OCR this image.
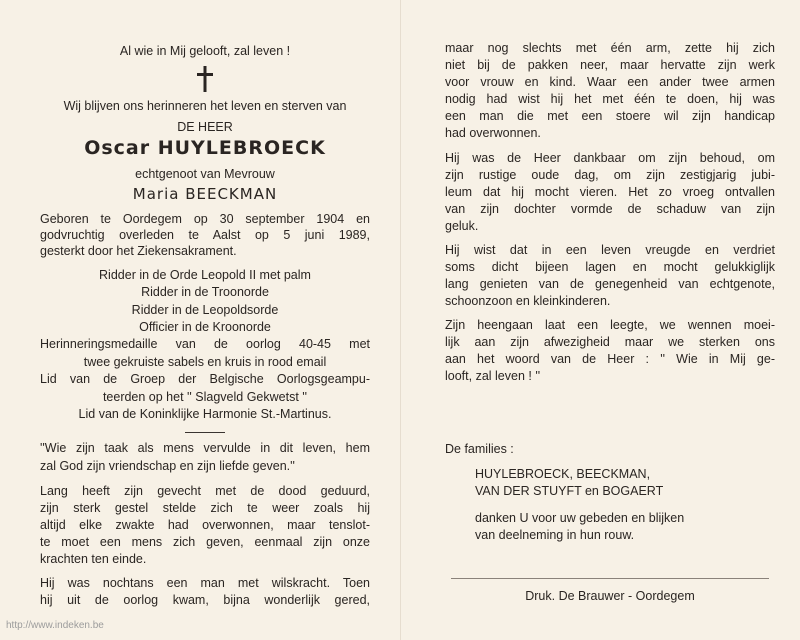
Al wie in Mij gelooft, zal leven !
Wij blijven ons herinneren het leven en sterven van
DE HEER
Oscar HUYLEBROECK
echtgenoot van Mevrouw
Maria BEECKMAN
Geboren te Oordegem op 30 september 1904 en
godvruchtig overleden te Aalst op 5 juni 1989,
gesterkt door het Ziekensakrament.
Ridder in de Orde Leopold II met palm
Ridder in de Troonorde
Ridder in de Leopoldsorde
Officier in de Kroonorde
Herinneringsmedaille van de oorlog 40-45 met
twee gekruiste sabels en kruis in rood email
Lid van de Groep der Belgische Oorlogsgeampu-
teerden op het '' Slagveld Gekwetst ''
Lid van de Koninklijke Harmonie St.-Martinus.
''Wie zijn taak als mens vervulde in dit leven, hem
zal God zijn vriendschap en zijn liefde geven.''
Lang heeft zijn gevecht met de dood geduurd,
zijn sterk gestel stelde zich te weer zoals hij
altijd elke zwakte had overwonnen, maar tenslot-
te moet een mens zich geven, eenmaal zijn onze
krachten ten einde.
Hij was nochtans een man met wilskracht. Toen
hij uit de oorlog kwam, bijna wonderlijk gered,
maar nog slechts met één arm, zette hij zich
niet bij de pakken neer, maar hervatte zijn werk
voor vrouw en kind. Waar een ander twee armen
nodig had wist hij het met één te doen, hij was
een man die met een stoere wil zijn handicap
had overwonnen.
Hij was de Heer dankbaar om zijn behoud, om
zijn rustige oude dag, om zijn zestigjarig jubi-
leum dat hij mocht vieren. Het zo vroeg ontvallen
van zijn dochter vormde de schaduw van zijn
geluk.
Hij wist dat in een leven vreugde en verdriet
soms dicht bijeen lagen en mocht gelukkiglijk
lang genieten van de genegenheid van echtgenote,
schoonzoon en kleinkinderen.
Zijn heengaan laat een leegte, we wennen moei-
lijk aan zijn afwezigheid maar we sterken ons
aan het woord van de Heer : '' Wie in Mij ge-
looft, zal leven ! ''
De families :
HUYLEBROECK, BEECKMAN,
VAN DER STUYFT en BOGAERT
danken U voor uw gebeden en blijken
van deelneming in hun rouw.
Druk. De Brauwer - Oordegem
http://www.indeken.be
